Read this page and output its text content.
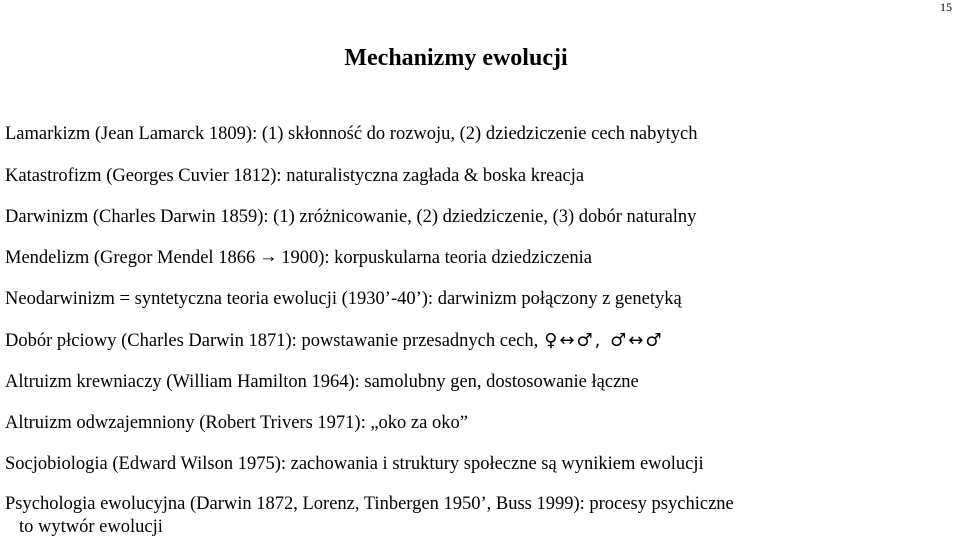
15
Mechanizmy ewolucji
Lamarkizm (Jean Lamarck 1809): (1) skłonność do rozwoju, (2) dziedziczenie cech nabytych
Katastrofizm (Georges Cuvier 1812): naturalistyczna zagłada & boska kreacja
Darwinizm (Charles Darwin 1859): (1) zróżnicowanie, (2) dziedziczenie, (3) dobór naturalny
Mendelizm (Gregor Mendel 1866 → 1900): korpuskularna teoria dziedziczenia
Neodarwinizm = syntetyczna teoria ewolucji (1930’-40’): darwinizm połączony z genetyką
Dobór płciowy (Charles Darwin 1871): powstawanie przesadnych cech, ♀↔♂, ♂↔♂
Altruizm krewniaczy (William Hamilton 1964): samolubny gen, dostosowanie łączne
Altruizm odwzajemniony (Robert Trivers 1971): „oko za oko”
Socjobiologia (Edward Wilson 1975): zachowania i struktury społeczne są wynikiem ewolucji
Psychologia ewolucyjna (Darwin 1872, Lorenz, Tinbergen 1950’, Buss 1999): procesy psychiczne
to wytwór ewolucji
